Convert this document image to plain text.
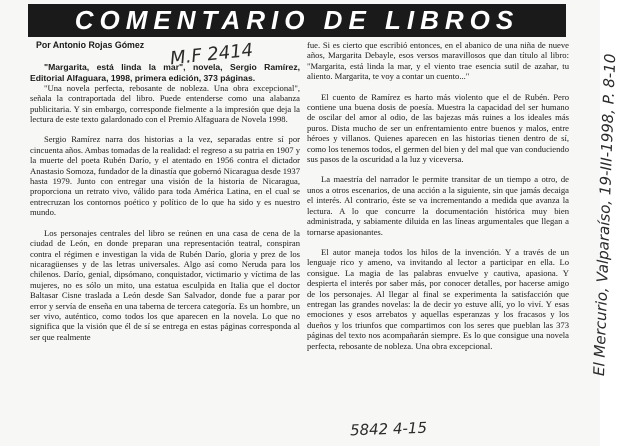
COMENTARIO DE LIBROS
Por Antonio Rojas Gómez

"Margarita, está linda la mar", novela, Sergio Ramírez, Editorial Alfaguara, 1998, primera edición, 373 páginas.

"Una novela perfecta, rebosante de nobleza. Una obra excepcional", señala la contraportada del libro. Puede entenderse como una alabanza publicitaria. Y sin embargo, corresponde fielmente a la impresión que deja la lectura de este texto galardonado con el Premio Alfaguara de Novela 1998.

Sergio Ramírez narra dos historias a la vez, separadas entre sí por cincuenta años. Ambas tomadas de la realidad: el regreso a su patria en 1907 y la muerte del poeta Rubén Darío, y el atentado en 1956 contra el dictador Anastasio Somoza, fundador de la dinastía que gobernó Nicaragua desde 1937 hasta 1979. Junto con entregar una visión de la historia de Nicaragua, proporciona un retrato vivo, válido para toda América Latina, en el cual se entrecruzan los contornos poético y político de lo que ha sido y es nuestro mundo.

Los personajes centrales del libro se reúnen en una casa de cena de la ciudad de León, en donde preparan una representación teatral, conspiran contra el régimen e investigan la vida de Rubén Darío, gloria y prez de los nicaragüenses y de las letras universales. Algo así como Neruda para los chilenos. Darío, genial, dipsómano, conquistador, victimario y víctima de las mujeres, no es sólo un mito, una estatua esculpida en Italia que el doctor Baltasar Cisne traslada a León desde San Salvador, donde fue a parar por error y servía de enseña en una taberna de tercera categoría. Es un hombre, un ser vivo, auténtico, como todos los que aparecen en la novela. Lo que no significa que la visión que él de sí se entrega en estas páginas corresponda al ser que realmente

fue. Si es cierto que escribió entonces, en el abanico de una niña de nueve años, Margarita Debayle, esos versos maravillosos que dan título al libro: "Margarita, está linda la mar, y el viento trae esencia sutil de azahar, tu aliento. Margarita, te voy a contar un cuento..."

El cuento de Ramírez es harto más violento que el de Rubén. Pero contiene una buena dosis de poesía. Muestra la capacidad del ser humano de oscilar del amor al odio, de las bajezas más ruines a los ideales más puros. Dista mucho de ser un enfrentamiento entre buenos y malos, entre héroes y villanos. Quienes aparecen en las historias tienen dentro de sí, como los tenemos todos, el germen del bien y del mal que van conduciendo sus pasos de la oscuridad a la luz y viceversa.

La maestría del narrador le permite transitar de un tiempo a otro, de unos a otros escenarios, de una acción a la siguiente, sin que jamás decaiga el interés. Al contrario, éste se va incrementando a medida que avanza la lectura. A lo que concurre la documentación histórica muy bien administrada, y sabiamente diluida en las líneas argumentales que llegan a tornarse apasionantes.

El autor maneja todos los hilos de la invención. Y a través de un lenguaje rico y ameno, va invitando al lector a participar en ella. Lo consigue. La magia de las palabras envuelve y cautiva, apasiona. Y despierta el interés por saber más, por conocer detalles, por hacerse amigo de los personajes. Al llegar al final se experimenta la satisfacción que entregan las grandes novelas: la de decir yo estuve allí, yo lo viví. Y esas emociones y esos arrebatos y aquellas esperanzas y los fracasos y los dueños y los triunfos que compartimos con los seres que pueblan las 373 páginas del texto nos acompañarán siempre. Es lo que consigue una novela perfecta, rebosante de nobleza. Una obra excepcional.

M.F 2414	El Mercurio, Valparaíso, 19-III-1998, P. 8-10
5842 4-15
